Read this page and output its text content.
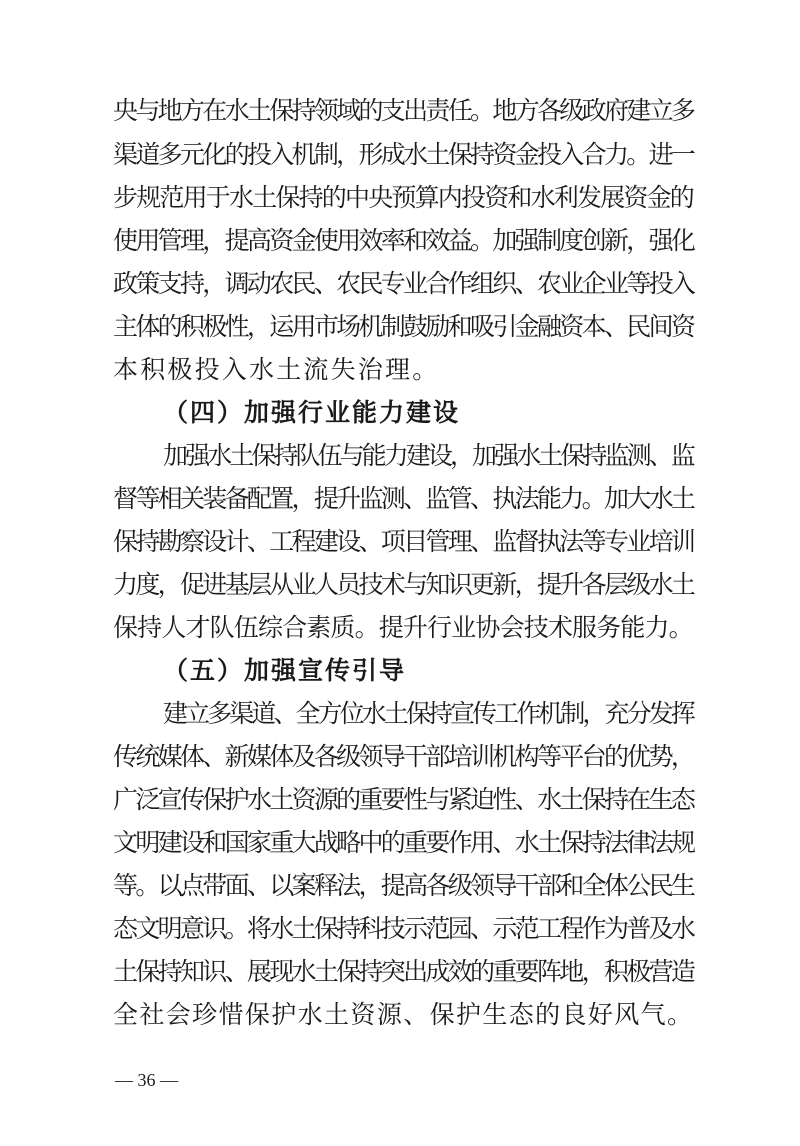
央与地方在水土保持领域的支出责任。地方各级政府建立多
渠道多元化的投入机制，形成水土保持资金投入合力。进一
步规范用于水土保持的中央预算内投资和水利发展资金的
使用管理，提高资金使用效率和效益。加强制度创新，强化
政策支持，调动农民、农民专业合作组织、农业企业等投入
主体的积极性，运用市场机制鼓励和吸引金融资本、民间资
本积极投入水土流失治理。
（四）加强行业能力建设
加强水土保持队伍与能力建设，加强水土保持监测、监
督等相关装备配置，提升监测、监管、执法能力。加大水土
保持勘察设计、工程建设、项目管理、监督执法等专业培训
力度，促进基层从业人员技术与知识更新，提升各层级水土
保持人才队伍综合素质。提升行业协会技术服务能力。
（五）加强宣传引导
建立多渠道、全方位水土保持宣传工作机制，充分发挥
传统媒体、新媒体及各级领导干部培训机构等平台的优势，
广泛宣传保护水土资源的重要性与紧迫性、水土保持在生态
文明建设和国家重大战略中的重要作用、水土保持法律法规
等。以点带面、以案释法，提高各级领导干部和全体公民生
态文明意识。将水土保持科技示范园、示范工程作为普及水
土保持知识、展现水土保持突出成效的重要阵地，积极营造
全社会珍惜保护水土资源、保护生态的良好风气。
— 36 —
